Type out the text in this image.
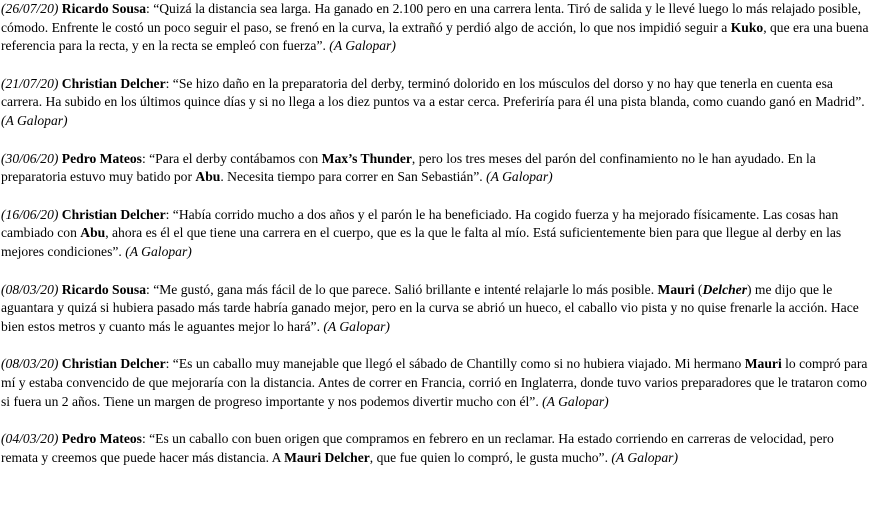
(26/07/20) Ricardo Sousa: “Quizá la distancia sea larga. Ha ganado en 2.100 pero en una carrera lenta. Tiró de salida y le llevé luego lo más relajado posible, cómodo. Enfrente le costó un poco seguir el paso, se frenó en la curva, la extrañó y perdió algo de acción, lo que nos impidió seguir a Kuko, que era una buena referencia para la recta, y en la recta se empleó con fuerza”. (A Galopar)

(21/07/20) Christian Delcher: “Se hizo daño en la preparatoria del derby, terminó dolorido en los músculos del dorso y no hay que tenerla en cuenta esa carrera. Ha subido en los últimos quince días y si no llega a los diez puntos va a estar cerca. Preferiría para él una pista blanda, como cuando ganó en Madrid”. (A Galopar)

(30/06/20) Pedro Mateos: “Para el derby contábamos con Max’s Thunder, pero los tres meses del parón del confinamiento no le han ayudado. En la preparatoria estuvo muy batido por Abu. Necesita tiempo para correr en San Sebastián”. (A Galopar)

(16/06/20) Christian Delcher: “Había corrido mucho a dos años y el parón le ha beneficiado. Ha cogido fuerza y ha mejorado físicamente. Las cosas han cambiado con Abu, ahora es él el que tiene una carrera en el cuerpo, que es la que le falta al mío. Está suficientemente bien para que llegue al derby en las mejores condiciones”. (A Galopar)

(08/03/20) Ricardo Sousa: “Me gustó, gana más fácil de lo que parece. Salió brillante e intenté relajarle lo más posible. Mauri (Delcher) me dijo que le aguantara y quizá si hubiera pasado más tarde habría ganado mejor, pero en la curva se abrió un hueco, el caballo vio pista y no quise frenarle la acción. Hace bien estos metros y cuanto más le aguantes mejor lo hará”. (A Galopar)

(08/03/20) Christian Delcher: “Es un caballo muy manejable que llegó el sábado de Chantilly como si no hubiera viajado. Mi hermano Mauri lo compró para mí y estaba convencido de que mejoraría con la distancia. Antes de correr en Francia, corrió en Inglaterra, donde tuvo varios preparadores que le trataron como si fuera un 2 años. Tiene un margen de progreso importante y nos podemos divertir mucho con él”. (A Galopar)

(04/03/20) Pedro Mateos: “Es un caballo con buen origen que compramos en febrero en un reclamar. Ha estado corriendo en carreras de velocidad, pero remata y creemos que puede hacer más distancia. A Mauri Delcher, que fue quien lo compró, le gusta mucho”. (A Galopar)
